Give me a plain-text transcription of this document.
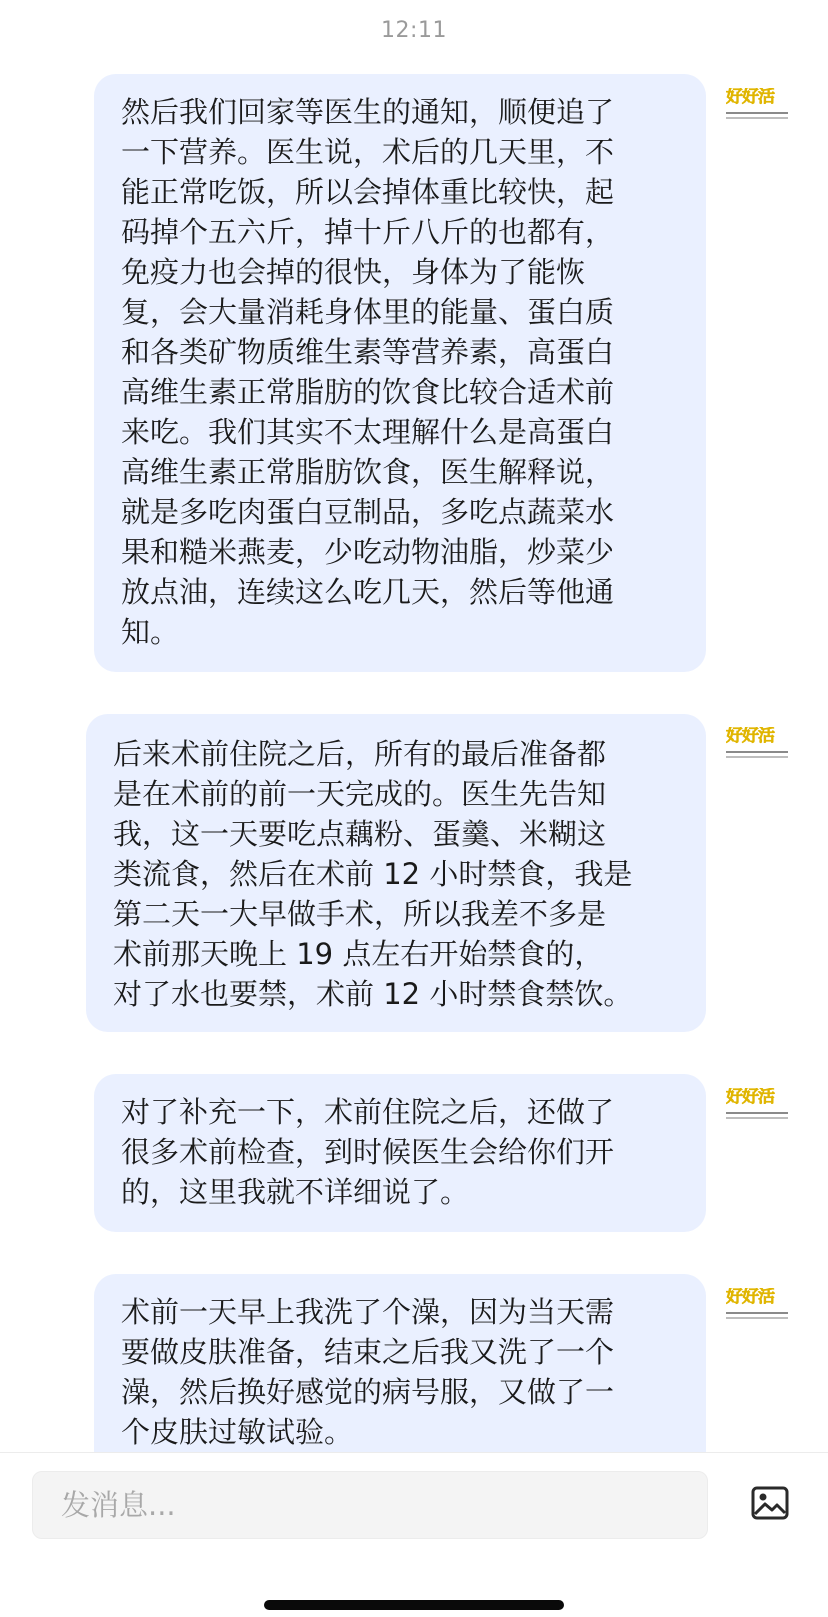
12:11
然后我们回家等医生的通知，顺便追了
一下营养。医生说，术后的几天里，不
能正常吃饭，所以会掉体重比较快，起
码掉个五六斤，掉十斤八斤的也都有，
免疫力也会掉的很快，身体为了能恢
复，会大量消耗身体里的能量、蛋白质
和各类矿物质维生素等营养素，高蛋白
高维生素正常脂肪的饮食比较合适术前
来吃。我们其实不太理解什么是高蛋白
高维生素正常脂肪饮食，医生解释说，
就是多吃肉蛋白豆制品，多吃点蔬菜水
果和糙米燕麦，少吃动物油脂，炒菜少
放点油，连续这么吃几天，然后等他通
知。
好好活
后来术前住院之后，所有的最后准备都
是在术前的前一天完成的。医生先告知
我，这一天要吃点藕粉、蛋羹、米糊这
类流食，然后在术前 12 小时禁食，我是
第二天一大早做手术，所以我差不多是
术前那天晚上 19 点左右开始禁食的，
对了水也要禁，术前 12 小时禁食禁饮。
好好活
对了补充一下，术前住院之后，还做了
很多术前检查，到时候医生会给你们开
的，这里我就不详细说了。
好好活
术前一天早上我洗了个澡，因为当天需
要做皮肤准备，结束之后我又洗了一个
澡，然后换好感觉的病号服，又做了一
个皮肤过敏试验。
好好活
发消息...
